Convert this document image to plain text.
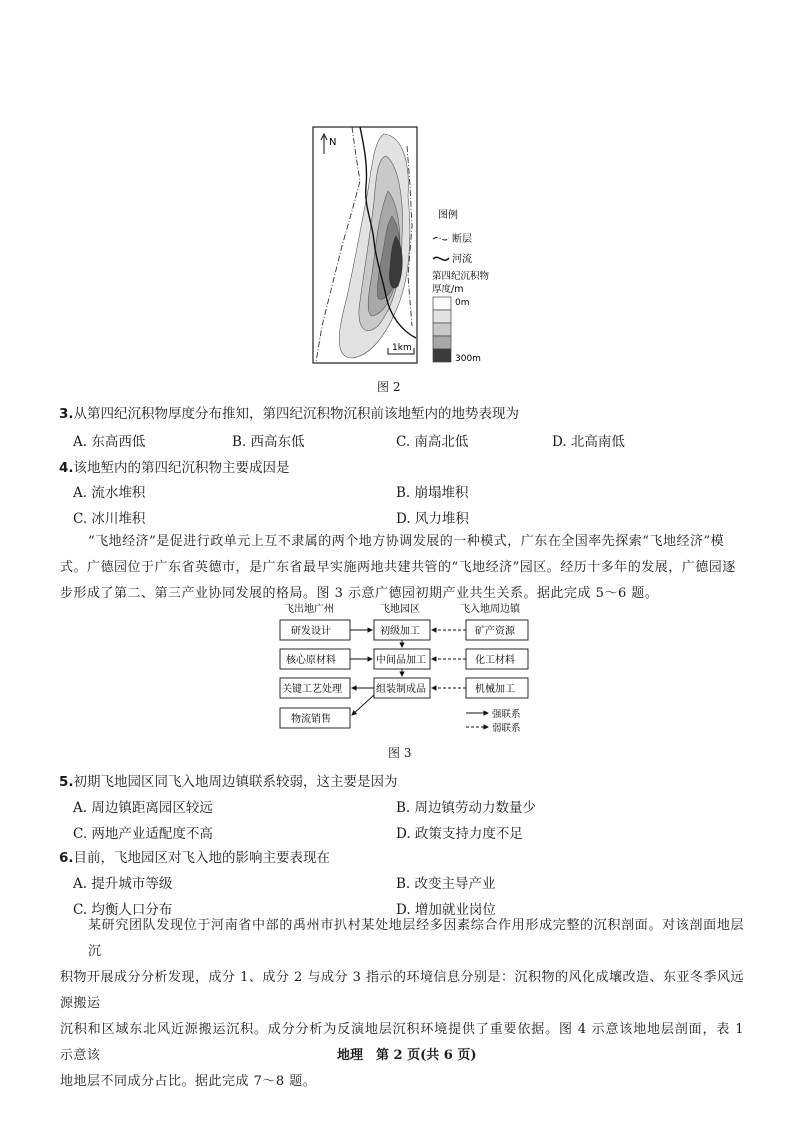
N
1km
图例
断层
河流
第四纪沉积物
厚度/m
0m
300m
图 2
3.从第四纪沉积物厚度分布推知，第四纪沉积物沉积前该地堑内的地势表现为
A. 东高西低	B. 西高东低	C. 南高北低	D. 北高南低
4.该地堑内的第四纪沉积物主要成因是
A. 流水堆积	B. 崩塌堆积
C. 冰川堆积	D. 风力堆积
“飞地经济”是促进行政单元上互不隶属的两个地方协调发展的一种模式，广东在全国率先探索“飞地经济”模
式。广德园位于广东省英德市，是广东省最早实施两地共建共管的“飞地经济”园区。经历十多年的发展，广德园逐
步形成了第二、第三产业协同发展的格局。图 3 示意广德园初期产业共生关系。据此完成 5～6 题。
飞出地广州	飞地园区	飞入地周边镇
研发设计
核心原材料
关键工艺处理
物流销售
初级加工
中间品加工
组装制成品
矿产资源
化工材料
机械加工
强联系
弱联系
图 3
5.初期飞地园区同飞入地周边镇联系较弱，这主要是因为
A. 周边镇距离园区较远	B. 周边镇劳动力数量少
C. 两地产业适配度不高	D. 政策支持力度不足
6.目前，飞地园区对飞入地的影响主要表现在
A. 提升城市等级	B. 改变主导产业
C. 均衡人口分布	D. 增加就业岗位
某研究团队发现位于河南省中部的禹州市扒村某处地层经多因素综合作用形成完整的沉积剖面。对该剖面地层沉
积物开展成分分析发现，成分 1、成分 2 与成分 3 指示的环境信息分别是：沉积物的风化成壤改造、东亚冬季风远源搬运
沉积和区域东北风近源搬运沉积。成分分析为反演地层沉积环境提供了重要依据。图 4 示意该地地层剖面，表 1 示意该
地地层不同成分占比。据此完成 7～8 题。
地理　第 2 页(共 6 页)
